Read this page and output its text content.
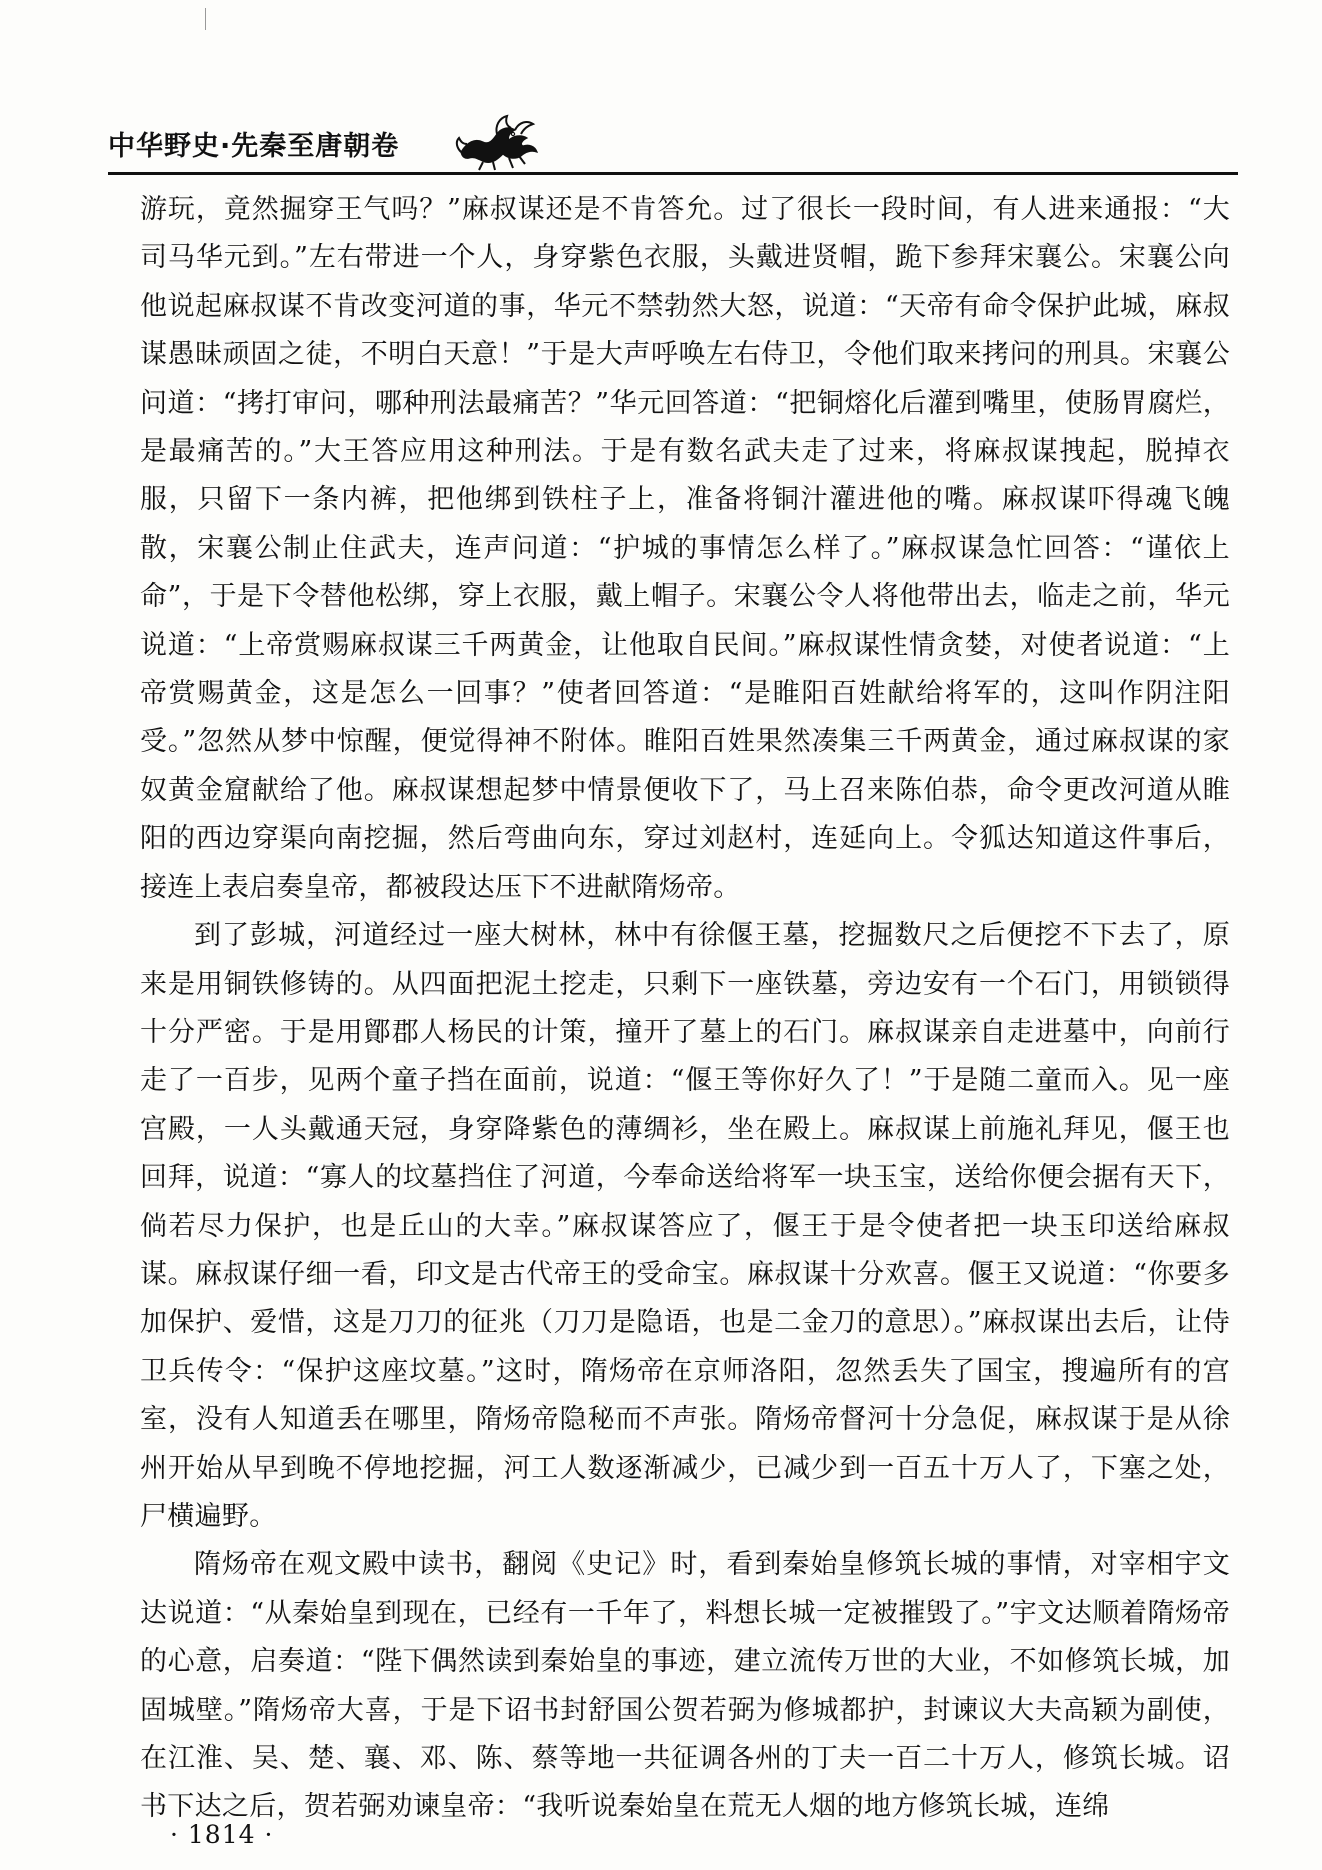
中华野史·先秦至唐朝卷

游玩，竟然掘穿王气吗？”麻叔谋还是不肯答允。过了很长一段时间，有人进来通报：“大司马华元到。”左右带进一个人，身穿紫色衣服，头戴进贤帽，跪下参拜宋襄公。宋襄公向他说起麻叔谋不肯改变河道的事，华元不禁勃然大怒，说道：“天帝有命令保护此城，麻叔谋愚昧顽固之徒，不明白天意！”于是大声呼唤左右侍卫，令他们取来拷问的刑具。宋襄公问道：“拷打审问，哪种刑法最痛苦？”华元回答道：“把铜熔化后灌到嘴里，使肠胃腐烂，是最痛苦的。”大王答应用这种刑法。于是有数名武夫走了过来，将麻叔谋拽起，脱掉衣服，只留下一条内裤，把他绑到铁柱子上，准备将铜汁灌进他的嘴。麻叔谋吓得魂飞魄散，宋襄公制止住武夫，连声问道：“护城的事情怎么样了。”麻叔谋急忙回答：“谨依上命”，于是下令替他松绑，穿上衣服，戴上帽子。宋襄公令人将他带出去，临走之前，华元说道：“上帝赏赐麻叔谋三千两黄金，让他取自民间。”麻叔谋性情贪婪，对使者说道：“上帝赏赐黄金，这是怎么一回事？”使者回答道：“是睢阳百姓献给将军的，这叫作阴注阳受。”忽然从梦中惊醒，便觉得神不附体。睢阳百姓果然凑集三千两黄金，通过麻叔谋的家奴黄金窟献给了他。麻叔谋想起梦中情景便收下了，马上召来陈伯恭，命令更改河道从睢阳的西边穿渠向南挖掘，然后弯曲向东，穿过刘赵村，连延向上。令狐达知道这件事后，接连上表启奏皇帝，都被段达压下不进献隋炀帝。

到了彭城，河道经过一座大树林，林中有徐偃王墓，挖掘数尺之后便挖不下去了，原来是用铜铁修铸的。从四面把泥土挖走，只剩下一座铁墓，旁边安有一个石门，用锁锁得十分严密。于是用鄮郡人杨民的计策，撞开了墓上的石门。麻叔谋亲自走进墓中，向前行走了一百步，见两个童子挡在面前，说道：“偃王等你好久了！”于是随二童而入。见一座宫殿，一人头戴通天冠，身穿降紫色的薄绸衫，坐在殿上。麻叔谋上前施礼拜见，偃王也回拜，说道：“寡人的坟墓挡住了河道，今奉命送给将军一块玉宝，送给你便会据有天下，倘若尽力保护，也是丘山的大幸。”麻叔谋答应了，偃王于是令使者把一块玉印送给麻叔谋。麻叔谋仔细一看，印文是古代帝王的受命宝。麻叔谋十分欢喜。偃王又说道：“你要多加保护、爱惜，这是刀刀的征兆（刀刀是隐语，也是二金刀的意思）。”麻叔谋出去后，让侍卫兵传令：“保护这座坟墓。”这时，隋炀帝在京师洛阳，忽然丢失了国宝，搜遍所有的宫室，没有人知道丢在哪里，隋炀帝隐秘而不声张。隋炀帝督河十分急促，麻叔谋于是从徐州开始从早到晚不停地挖掘，河工人数逐渐减少，已减少到一百五十万人了，下塞之处，尸横遍野。

隋炀帝在观文殿中读书，翻阅《史记》时，看到秦始皇修筑长城的事情，对宰相宇文达说道：“从秦始皇到现在，已经有一千年了，料想长城一定被摧毁了。”宇文达顺着隋炀帝的心意，启奏道：“陛下偶然读到秦始皇的事迹，建立流传万世的大业，不如修筑长城，加固城壁。”隋炀帝大喜，于是下诏书封舒国公贺若弼为修城都护，封谏议大夫高颖为副使，在江淮、吴、楚、襄、邓、陈、蔡等地一共征调各州的丁夫一百二十万人，修筑长城。诏书下达之后，贺若弼劝谏皇帝：“我听说秦始皇在荒无人烟的地方修筑长城，连绵

· 1814 ·
